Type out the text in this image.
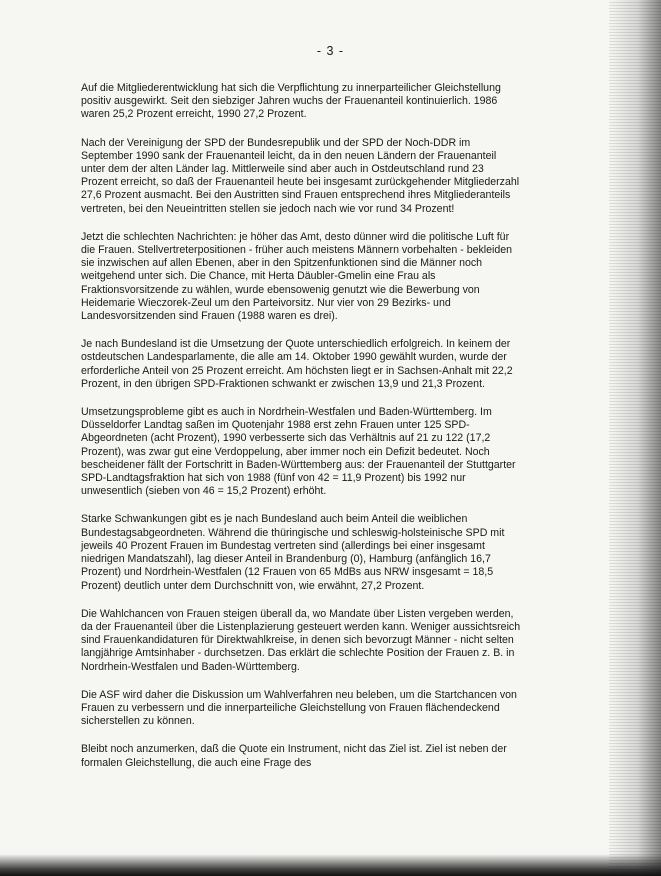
- 3 -

Auf die Mitgliederentwicklung hat sich die Verpflichtung zu innerparteilicher Gleichstellung positiv ausgewirkt. Seit den siebziger Jahren wuchs der Frauenanteil kontinuierlich. 1986 waren 25,2 Prozent erreicht, 1990 27,2 Prozent.

Nach der Vereinigung der SPD der Bundesrepublik und der SPD der Noch-DDR im September 1990 sank der Frauenanteil leicht, da in den neuen Ländern der Frauenanteil unter dem der alten Länder lag. Mittlerweile sind aber auch in Ostdeutschland rund 23 Prozent erreicht, so daß der Frauenanteil heute bei insgesamt zurückgehender Mitgliederzahl 27,6 Prozent ausmacht. Bei den Austritten sind Frauen entsprechend ihres Mitgliederanteils vertreten, bei den Neueintritten stellen sie jedoch nach wie vor rund 34 Prozent!

Jetzt die schlechten Nachrichten: je höher das Amt, desto dünner wird die politische Luft für die Frauen. Stellvertreterpositionen - früher auch meistens Männern vorbehalten - bekleiden sie inzwischen auf allen Ebenen, aber in den Spitzenfunktionen sind die Männer noch weitgehend unter sich. Die Chance, mit Herta Däubler-Gmelin eine Frau als Fraktionsvorsitzende zu wählen, wurde ebensowenig genutzt wie die Bewerbung von Heidemarie Wieczorek-Zeul um den Parteivorsitz. Nur vier von 29 Bezirks- und Landesvorsitzenden sind Frauen (1988 waren es drei).

Je nach Bundesland ist die Umsetzung der Quote unterschiedlich erfolgreich. In keinem der ostdeutschen Landesparlamente, die alle am 14. Oktober 1990 gewählt wurden, wurde der erforderliche Anteil von 25 Prozent erreicht. Am höchsten liegt er in Sachsen-Anhalt mit 22,2 Prozent, in den übrigen SPD-Fraktionen schwankt er zwischen 13,9 und 21,3 Prozent.

Umsetzungsprobleme gibt es auch in Nordrhein-Westfalen und Baden-Württemberg. Im Düsseldorfer Landtag saßen im Quotenjahr 1988 erst zehn Frauen unter 125 SPD-Abgeordneten (acht Prozent), 1990 verbesserte sich das Verhältnis auf 21 zu 122 (17,2 Prozent), was zwar gut eine Verdoppelung, aber immer noch ein Defizit bedeutet. Noch bescheidener fällt der Fortschritt in Baden-Württemberg aus: der Frauenanteil der Stuttgarter SPD-Landtagsfraktion hat sich von 1988 (fünf von 42 = 11,9 Prozent) bis 1992 nur unwesentlich (sieben von 46 = 15,2 Prozent) erhöht.

Starke Schwankungen gibt es je nach Bundesland auch beim Anteil die weiblichen Bundestagsabgeordneten. Während die thüringische und schleswig-holsteinische SPD mit jeweils 40 Prozent Frauen im Bundestag vertreten sind (allerdings bei einer insgesamt niedrigen Mandatszahl), lag dieser Anteil in Brandenburg (0), Hamburg (anfänglich 16,7 Prozent) und Nordrhein-Westfalen (12 Frauen von 65 MdBs aus NRW insgesamt = 18,5 Prozent) deutlich unter dem Durchschnitt von, wie erwähnt, 27,2 Prozent.

Die Wahlchancen von Frauen steigen überall da, wo Mandate über Listen vergeben werden, da der Frauenanteil über die Listenplazierung gesteuert werden kann. Weniger aussichtsreich sind Frauenkandidaturen für Direktwahlkreise, in denen sich bevorzugt Männer - nicht selten langjährige Amtsinhaber - durchsetzen. Das erklärt die schlechte Position der Frauen z. B. in Nordrhein-Westfalen und Baden-Württemberg.

Die ASF wird daher die Diskussion um Wahlverfahren neu beleben, um die Startchancen von Frauen zu verbessern und die innerparteiliche Gleichstellung von Frauen flächendeckend sicherstellen zu können.

Bleibt noch anzumerken, daß die Quote ein Instrument, nicht das Ziel ist. Ziel ist neben der formalen Gleichstellung, die auch eine Frage des
